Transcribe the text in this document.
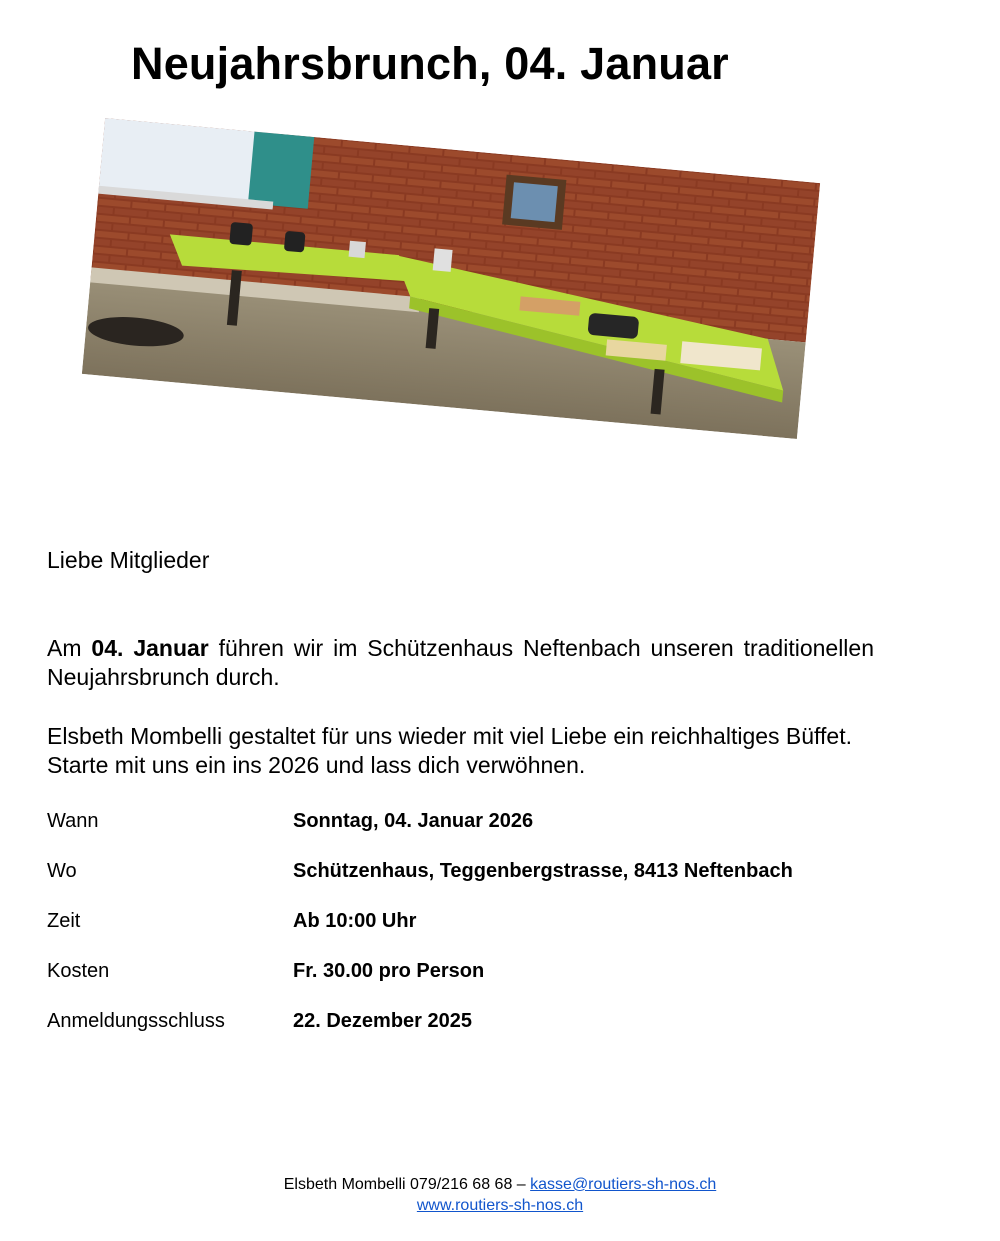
Neujahrsbrunch, 04. Januar
Liebe Mitglieder
Am 04. Januar führen wir im Schützenhaus Neftenbach unseren traditionellen Neujahrsbrunch durch.
Elsbeth Mombelli gestaltet für uns wieder mit viel Liebe ein reichhaltiges Büffet.
Starte mit uns ein ins 2026 und lass dich verwöhnen.
Wann	Sonntag, 04. Januar 2026
Wo	Schützenhaus, Teggenbergstrasse, 8413 Neftenbach
Zeit	Ab 10:00 Uhr
Kosten	Fr. 30.00 pro Person
Anmeldungsschluss	22. Dezember 2025
Elsbeth Mombelli 079/216 68 68 – kasse@routiers-sh-nos.ch
www.routiers-sh-nos.ch
